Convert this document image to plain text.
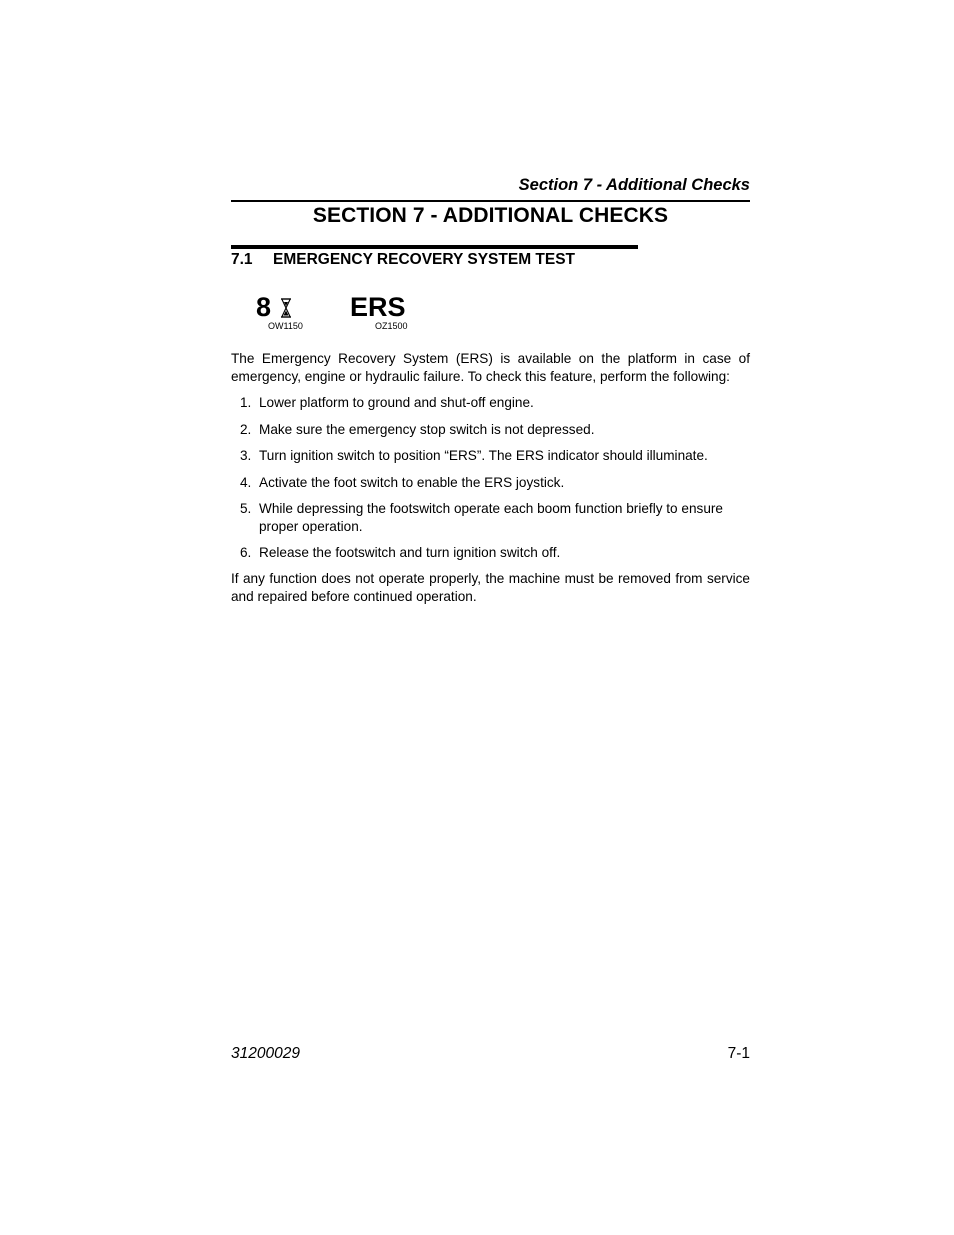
Section 7 - Additional Checks
SECTION 7 - ADDITIONAL CHECKS
7.1 EMERGENCY RECOVERY SYSTEM TEST
8
OW1150
ERS
OZ1500

The Emergency Recovery System (ERS) is available on the platform in case of emergency, engine or hydraulic failure. To check this feature, perform the following:

1. Lower platform to ground and shut-off engine.
2. Make sure the emergency stop switch is not depressed.
3. Turn ignition switch to position “ERS”. The ERS indicator should illuminate.
4. Activate the foot switch to enable the ERS joystick.
5. While depressing the footswitch operate each boom function briefly to ensure proper operation.
6. Release the footswitch and turn ignition switch off.

If any function does not operate properly, the machine must be removed from service and repaired before continued operation.

31200029	7-1
